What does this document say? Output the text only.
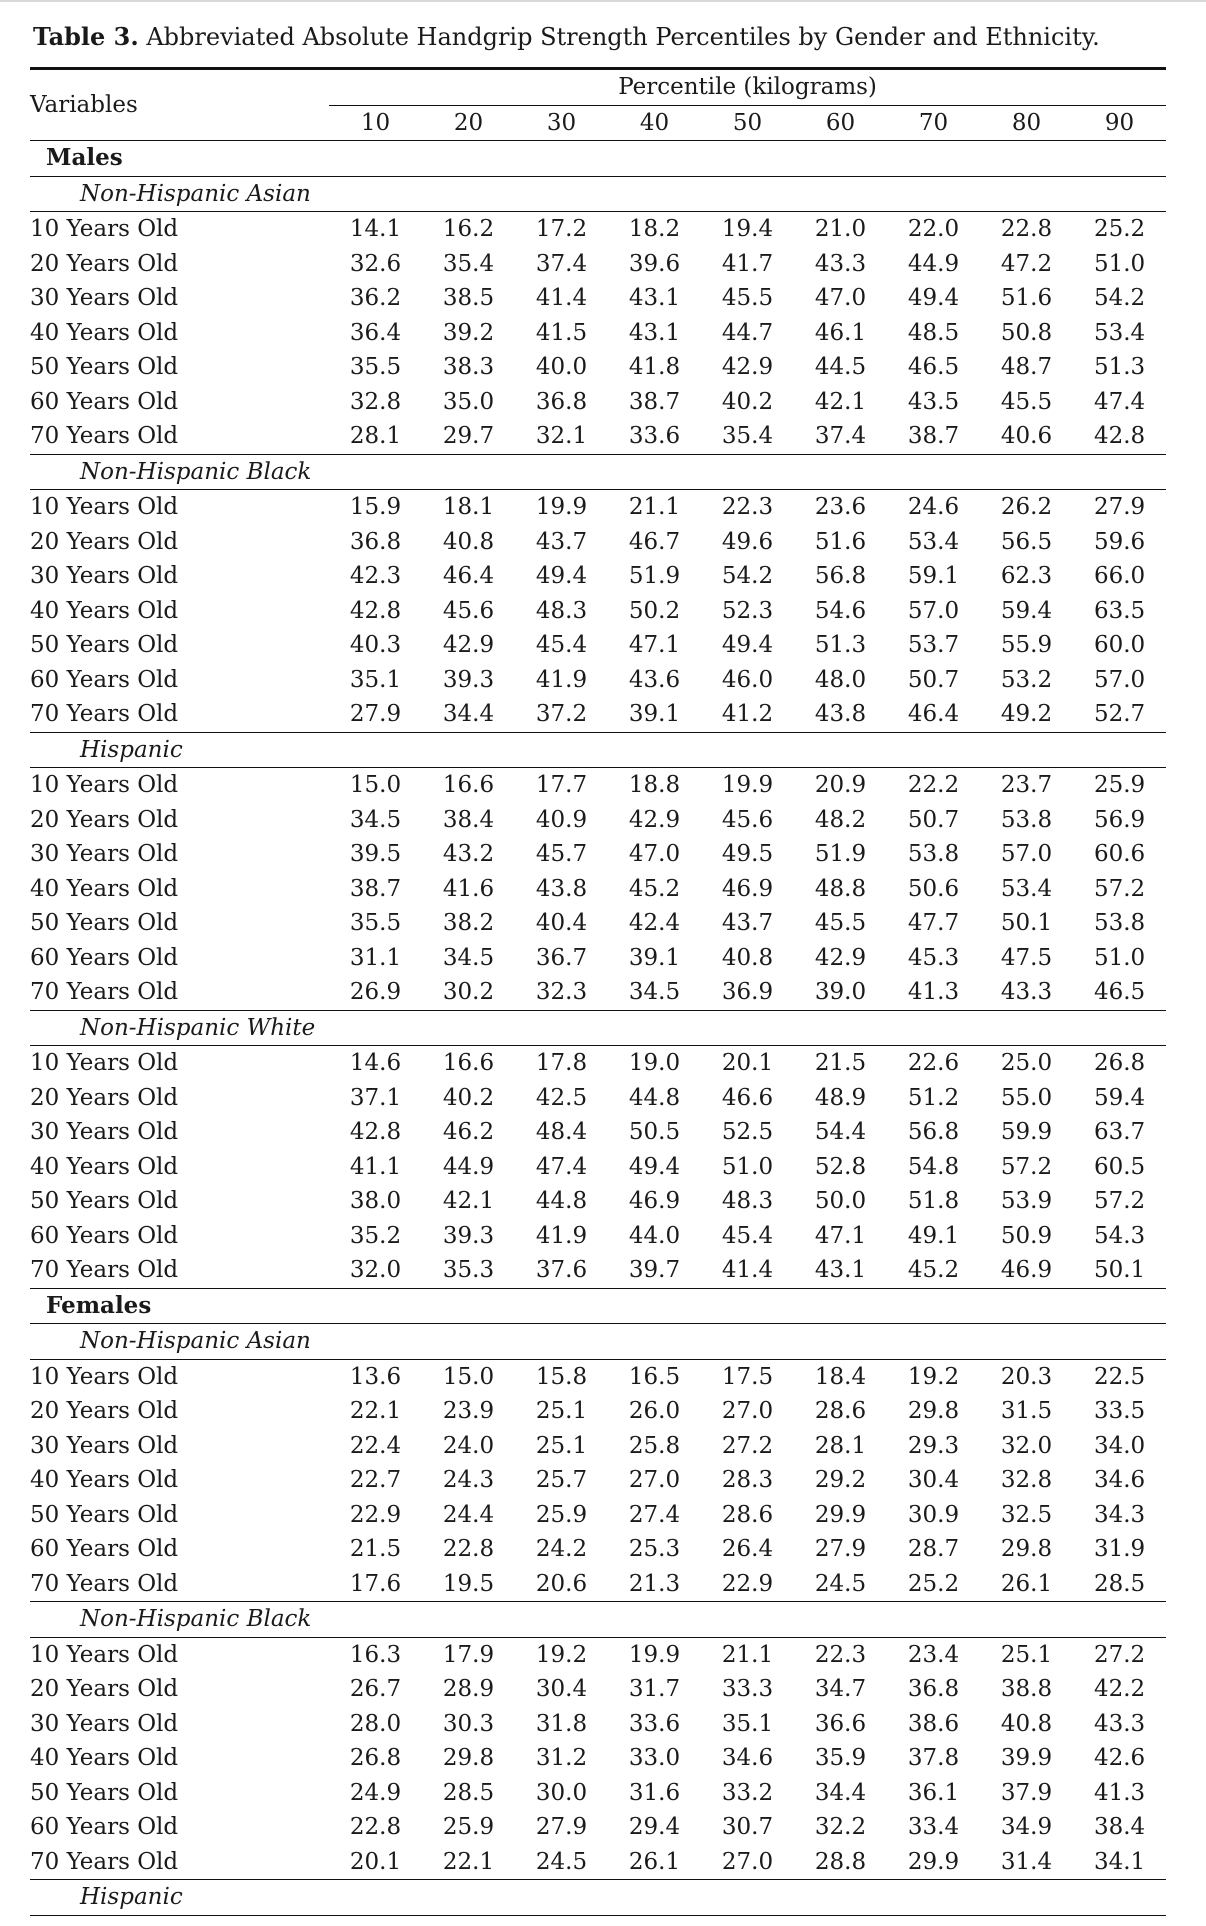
Table 3. Abbreviated Absolute Handgrip Strength Percentiles by Gender and Ethnicity.
Variables	Percentile (kilograms)								
	10	20	30	40	50	60	70	80	90
Males									
Non-Hispanic Asian									
10 Years Old	14.1	16.2	17.2	18.2	19.4	21.0	22.0	22.8	25.2
20 Years Old	32.6	35.4	37.4	39.6	41.7	43.3	44.9	47.2	51.0
30 Years Old	36.2	38.5	41.4	43.1	45.5	47.0	49.4	51.6	54.2
40 Years Old	36.4	39.2	41.5	43.1	44.7	46.1	48.5	50.8	53.4
50 Years Old	35.5	38.3	40.0	41.8	42.9	44.5	46.5	48.7	51.3
60 Years Old	32.8	35.0	36.8	38.7	40.2	42.1	43.5	45.5	47.4
70 Years Old	28.1	29.7	32.1	33.6	35.4	37.4	38.7	40.6	42.8
Non-Hispanic Black									
10 Years Old	15.9	18.1	19.9	21.1	22.3	23.6	24.6	26.2	27.9
20 Years Old	36.8	40.8	43.7	46.7	49.6	51.6	53.4	56.5	59.6
30 Years Old	42.3	46.4	49.4	51.9	54.2	56.8	59.1	62.3	66.0
40 Years Old	42.8	45.6	48.3	50.2	52.3	54.6	57.0	59.4	63.5
50 Years Old	40.3	42.9	45.4	47.1	49.4	51.3	53.7	55.9	60.0
60 Years Old	35.1	39.3	41.9	43.6	46.0	48.0	50.7	53.2	57.0
70 Years Old	27.9	34.4	37.2	39.1	41.2	43.8	46.4	49.2	52.7
Hispanic									
10 Years Old	15.0	16.6	17.7	18.8	19.9	20.9	22.2	23.7	25.9
20 Years Old	34.5	38.4	40.9	42.9	45.6	48.2	50.7	53.8	56.9
30 Years Old	39.5	43.2	45.7	47.0	49.5	51.9	53.8	57.0	60.6
40 Years Old	38.7	41.6	43.8	45.2	46.9	48.8	50.6	53.4	57.2
50 Years Old	35.5	38.2	40.4	42.4	43.7	45.5	47.7	50.1	53.8
60 Years Old	31.1	34.5	36.7	39.1	40.8	42.9	45.3	47.5	51.0
70 Years Old	26.9	30.2	32.3	34.5	36.9	39.0	41.3	43.3	46.5
Non-Hispanic White									
10 Years Old	14.6	16.6	17.8	19.0	20.1	21.5	22.6	25.0	26.8
20 Years Old	37.1	40.2	42.5	44.8	46.6	48.9	51.2	55.0	59.4
30 Years Old	42.8	46.2	48.4	50.5	52.5	54.4	56.8	59.9	63.7
40 Years Old	41.1	44.9	47.4	49.4	51.0	52.8	54.8	57.2	60.5
50 Years Old	38.0	42.1	44.8	46.9	48.3	50.0	51.8	53.9	57.2
60 Years Old	35.2	39.3	41.9	44.0	45.4	47.1	49.1	50.9	54.3
70 Years Old	32.0	35.3	37.6	39.7	41.4	43.1	45.2	46.9	50.1
Females									
Non-Hispanic Asian									
10 Years Old	13.6	15.0	15.8	16.5	17.5	18.4	19.2	20.3	22.5
20 Years Old	22.1	23.9	25.1	26.0	27.0	28.6	29.8	31.5	33.5
30 Years Old	22.4	24.0	25.1	25.8	27.2	28.1	29.3	32.0	34.0
40 Years Old	22.7	24.3	25.7	27.0	28.3	29.2	30.4	32.8	34.6
50 Years Old	22.9	24.4	25.9	27.4	28.6	29.9	30.9	32.5	34.3
60 Years Old	21.5	22.8	24.2	25.3	26.4	27.9	28.7	29.8	31.9
70 Years Old	17.6	19.5	20.6	21.3	22.9	24.5	25.2	26.1	28.5
Non-Hispanic Black									
10 Years Old	16.3	17.9	19.2	19.9	21.1	22.3	23.4	25.1	27.2
20 Years Old	26.7	28.9	30.4	31.7	33.3	34.7	36.8	38.8	42.2
30 Years Old	28.0	30.3	31.8	33.6	35.1	36.6	38.6	40.8	43.3
40 Years Old	26.8	29.8	31.2	33.0	34.6	35.9	37.8	39.9	42.6
50 Years Old	24.9	28.5	30.0	31.6	33.2	34.4	36.1	37.9	41.3
60 Years Old	22.8	25.9	27.9	29.4	30.7	32.2	33.4	34.9	38.4
70 Years Old	20.1	22.1	24.5	26.1	27.0	28.8	29.9	31.4	34.1
Hispanic									
